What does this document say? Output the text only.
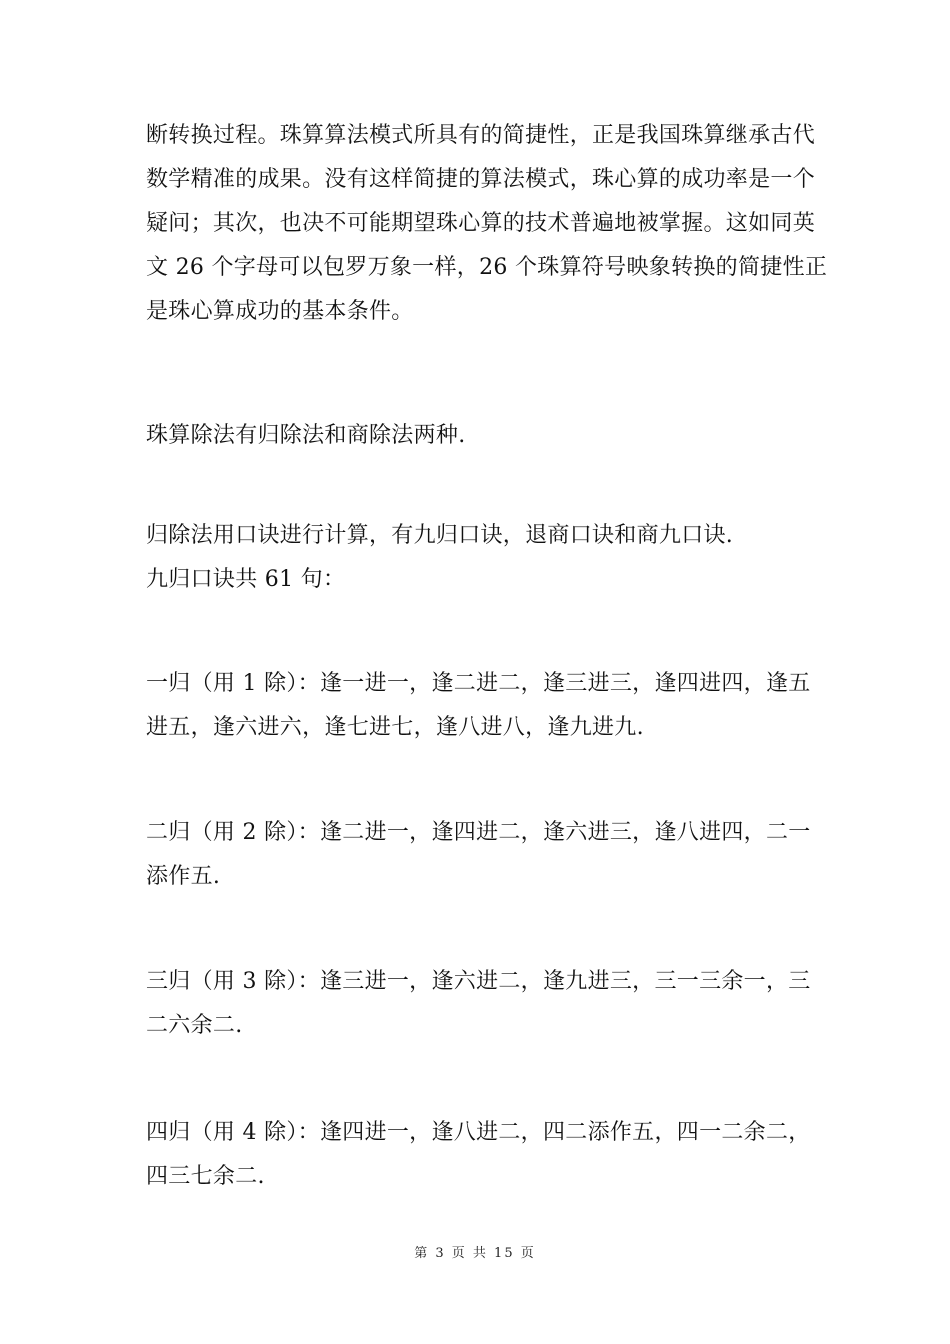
断转换过程。珠算算法模式所具有的简捷性，正是我国珠算继承古代
数学精准的成果。没有这样简捷的算法模式，珠心算的成功率是一个
疑问；其次，也决不可能期望珠心算的技术普遍地被掌握。这如同英
文 26 个字母可以包罗万象一样，26 个珠算符号映象转换的简捷性正
是珠心算成功的基本条件。

珠算除法有归除法和商除法两种.

归除法用口诀进行计算，有九归口诀，退商口诀和商九口诀.
九归口诀共 61 句：

一归（用 1 除）：逢一进一，逢二进二，逢三进三，逢四进四，逢五
进五，逢六进六，逢七进七，逢八进八，逢九进九.

二归（用 2 除）：逢二进一，逢四进二，逢六进三，逢八进四，二一
添作五.

三归（用 3 除）：逢三进一，逢六进二，逢九进三，三一三余一，三
二六余二.

四归（用 4 除）：逢四进一，逢八进二，四二添作五，四一二余二，
四三七余二.

第 3 页 共 15 页
